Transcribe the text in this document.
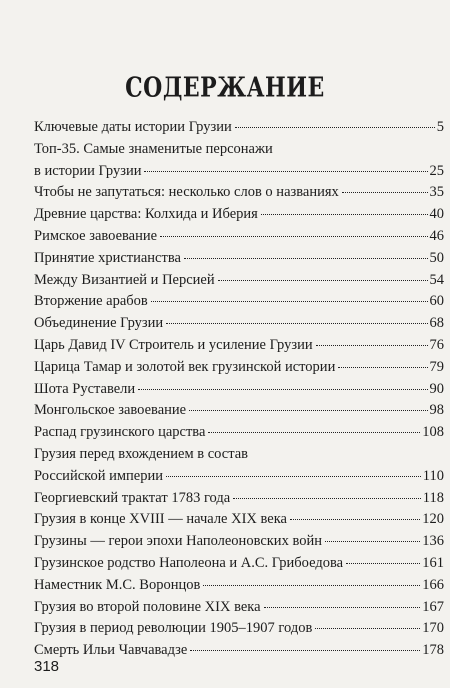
СОДЕРЖАНИЕ
Ключевые даты истории Грузии	5
Топ-35. Самые знаменитые персонажи
в истории Грузии	25
Чтобы не запутаться: несколько слов о названиях	35
Древние царства: Колхида и Иберия	40
Римское завоевание	46
Принятие христианства	50
Между Византией и Персией	54
Вторжение арабов	60
Объединение Грузии	68
Царь Давид IV Строитель и усиление Грузии	76
Царица Тамар и золотой век грузинской истории	79
Шота Руставели	90
Монгольское завоевание	98
Распад грузинского царства	108
Грузия перед вхождением в состав
Российской империи	110
Георгиевский трактат 1783 года	118
Грузия в конце XVIII — начале XIX века	120
Грузины — герои эпохи Наполеоновских войн	136
Грузинское родство Наполеона и А.С. Грибоедова	161
Наместник М.С. Воронцов	166
Грузия во второй половине XIX века	167
Грузия в период революции 1905–1907 годов	170
Смерть Ильи Чавчавадзе	178
318
